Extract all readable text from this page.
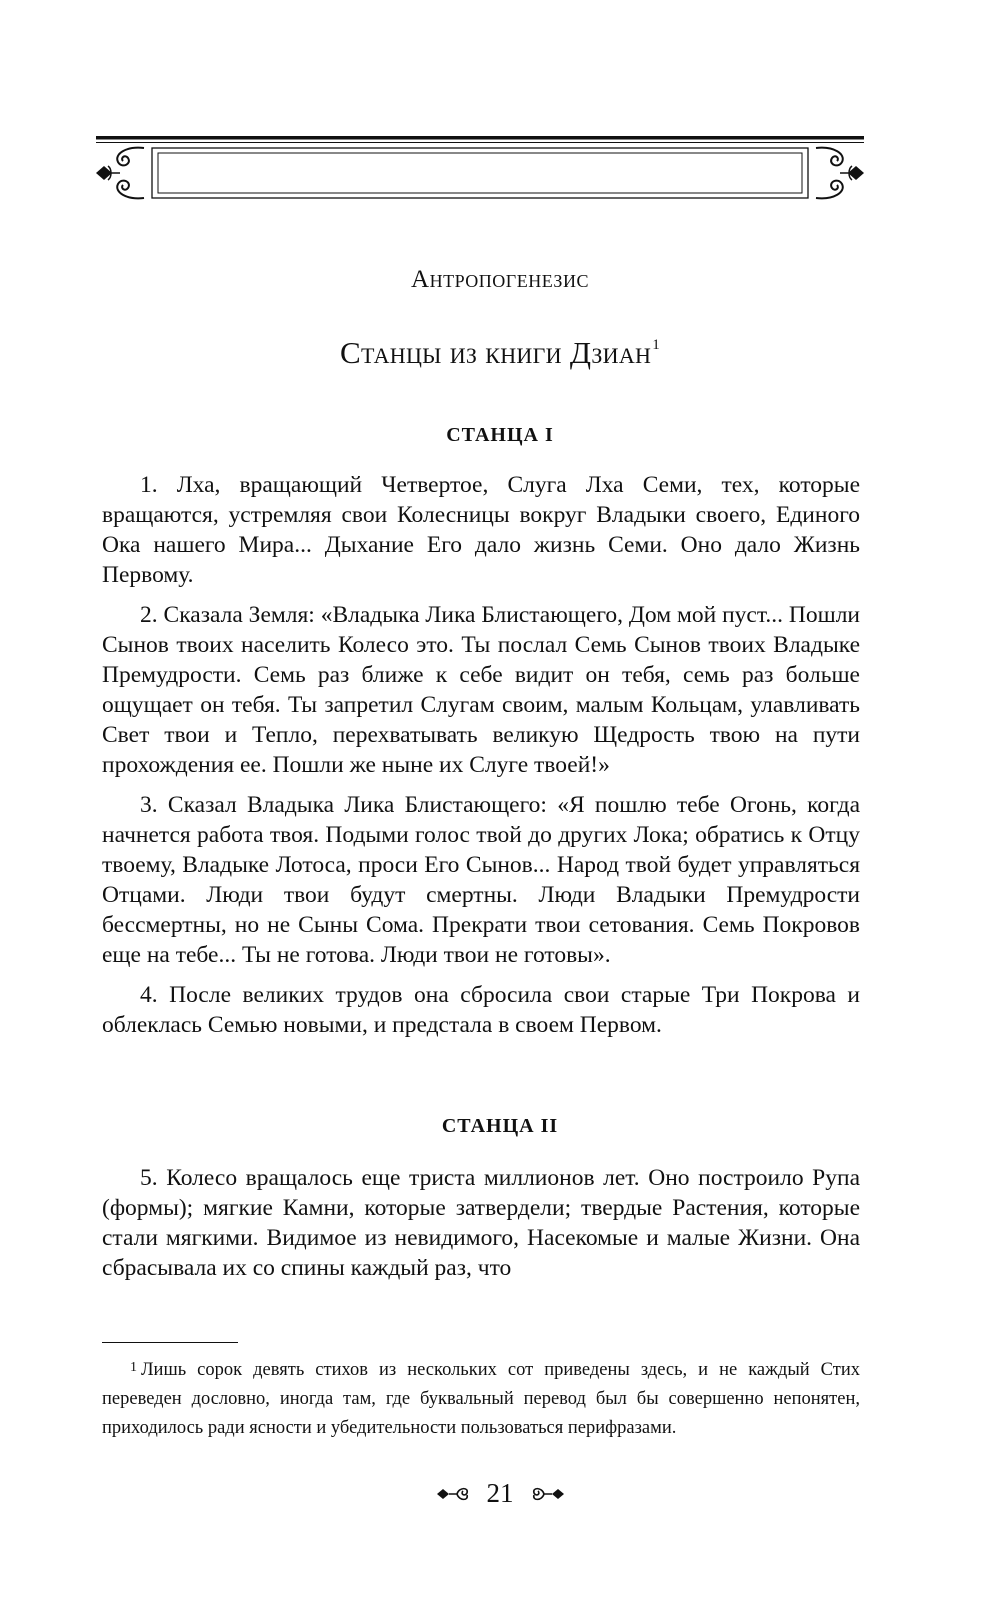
Антропогенезис
Станцы из книги Дзиан$^1$
СТАНЦА I

1. Лха, вращающий Четвертое, Слуга Лха Семи, тех, которые вращаются, устремляя свои Колесницы вокруг Владыки своего, Единого Ока нашего Мира... Дыхание Его дало жизнь Семи. Оно дало Жизнь Первому.

2. Сказала Земля: «Владыка Лика Блистающего, Дом мой пуст... Пошли Сынов твоих населить Колесо это. Ты послал Семь Сынов твоих Владыке Премудрости. Семь раз ближе к себе видит он тебя, семь раз больше ощущает он тебя. Ты запретил Слугам своим, малым Кольцам, улавливать Свет твои и Тепло, перехватывать великую Щедрость твою на пути прохождения ее. Пошли же ныне их Слуге твоей!»

3. Сказал Владыка Лика Блистающего: «Я пошлю тебе Огонь, когда начнется работа твоя. Подыми голос твой до других Лока; обратись к Отцу твоему, Владыке Лотоса, проси Его Сынов... Народ твой будет управляться Отцами. Люди твои будут смертны. Люди Владыки Премудрости бессмертны, но не Сыны Сома. Прекрати твои сетования. Семь Покровов еще на тебе... Ты не готова. Люди твои не готовы».

4. После великих трудов она сбросила свои старые Три Покрова и облеклась Семью новыми, и предстала в своем Первом.

СТАНЦА II

5. Колесо вращалось еще триста миллионов лет. Оно построило Рупа (формы); мягкие Камни, которые затвердели; твердые Растения, которые стали мягкими. Видимое из невидимого, Насекомые и малые Жизни. Она сбрасывала их со спины каждый раз, что

$^1$ Лишь сорок девять стихов из нескольких сот приведены здесь, и не каждый Стих переведен дословно, иногда там, где буквальный перевод был бы совершенно непонятен, приходилось ради ясности и убедительности пользоваться перифразами.
21
